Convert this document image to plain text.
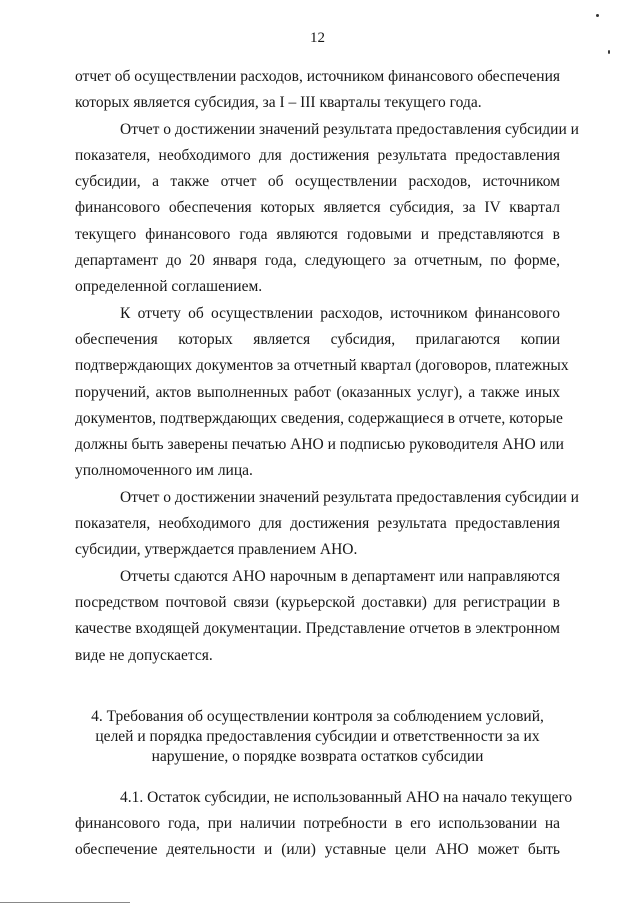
12

отчет об осуществлении расходов, источником финансового обеспечения
которых является субсидия, за I – III кварталы текущего года.

Отчет о достижении значений результата предоставления субсидии и
показателя, необходимого для достижения результата предоставления
субсидии, а также отчет об осуществлении расходов, источником
финансового обеспечения которых является субсидия, за IV квартал
текущего финансового года являются годовыми и представляются в
департамент до 20 января года, следующего за отчетным, по форме,
определенной соглашением.

К отчету об осуществлении расходов, источником финансового
обеспечения которых является субсидия, прилагаются копии
подтверждающих документов за отчетный квартал (договоров, платежных
поручений, актов выполненных работ (оказанных услуг), а также иных
документов, подтверждающих сведения, содержащиеся в отчете, которые
должны быть заверены печатью АНО и подписью руководителя АНО или
уполномоченного им лица.

Отчет о достижении значений результата предоставления субсидии и
показателя, необходимого для достижения результата предоставления
субсидии, утверждается правлением АНО.

Отчеты сдаются АНО нарочным в департамент или направляются
посредством почтовой связи (курьерской доставки) для регистрации в
качестве входящей документации. Представление отчетов в электронном
виде не допускается.

4. Требования об осуществлении контроля за соблюдением условий,
целей и порядка предоставления субсидии и ответственности за их
нарушение, о порядке возврата остатков субсидии

4.1. Остаток субсидии, не использованный АНО на начало текущего
финансового года, при наличии потребности в его использовании на
обеспечение деятельности и (или) уставные цели АНО может быть
